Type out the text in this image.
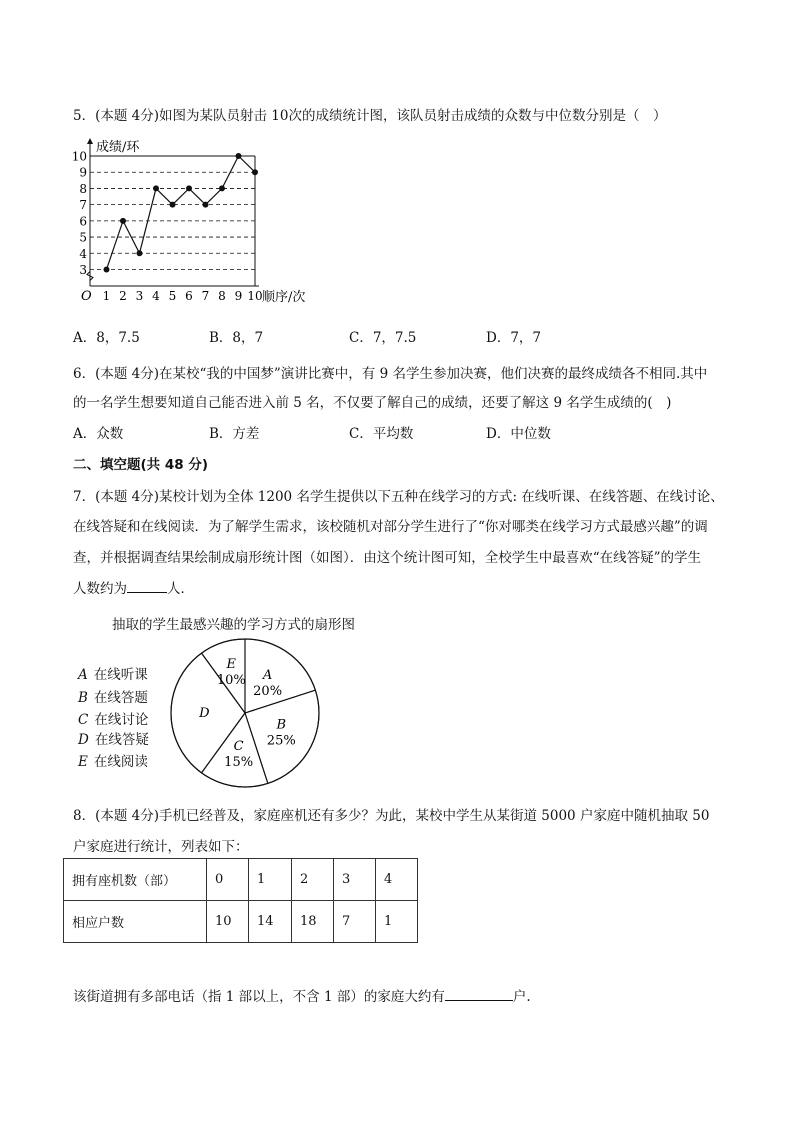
5．(本题 4分)如图为某队员射击 10次的成绩统计图，该队员射击成绩的众数与中位数分别是（　）
3
4
5
6
7
8
9
10
1 2 3 4 5 6 7 8 9 10
成绩/环
顺序/次
O
A．8，7.5	B．8，7	C．7，7.5	D．7，7
6．(本题 4分)在某校“我的中国梦”演讲比赛中，有 9 名学生参加决赛，他们决赛的最终成绩各不相同.其中
的一名学生想要知道自己能否进入前 5 名，不仅要了解自己的成绩，还要了解这 9 名学生成绩的(　)
A．众数	B．方差	C．平均数	D．中位数
二、填空题(共 48 分)
7．(本题 4分)某校计划为全体 1200 名学生提供以下五种在线学习的方式: 在线听课、在线答题、在线讨论、
在线答疑和在线阅读．为了解学生需求，该校随机对部分学生进行了“你对哪类在线学习方式最感兴趣”的调
查，并根据调查结果绘制成扇形统计图（如图）．由这个统计图可知，全校学生中最喜欢“在线答疑”的学生
人数约为	人．
抽取的学生最感兴趣的学习方式的扇形图
A 在线听课
B 在线答题
C 在线讨论
D 在线答疑
E 在线阅读
A
20%
B
25%
C
15%
D
E
10%
8．(本题 4分)手机已经普及，家庭座机还有多少？为此，某校中学生从某街道 5000 户家庭中随机抽取 50
户家庭进行统计，列表如下：
拥有座机数（部）	0	1	2	3	4
相应户数	10	14	18	7	1
该街道拥有多部电话（指 1 部以上，不含 1 部）的家庭大约有	户.
